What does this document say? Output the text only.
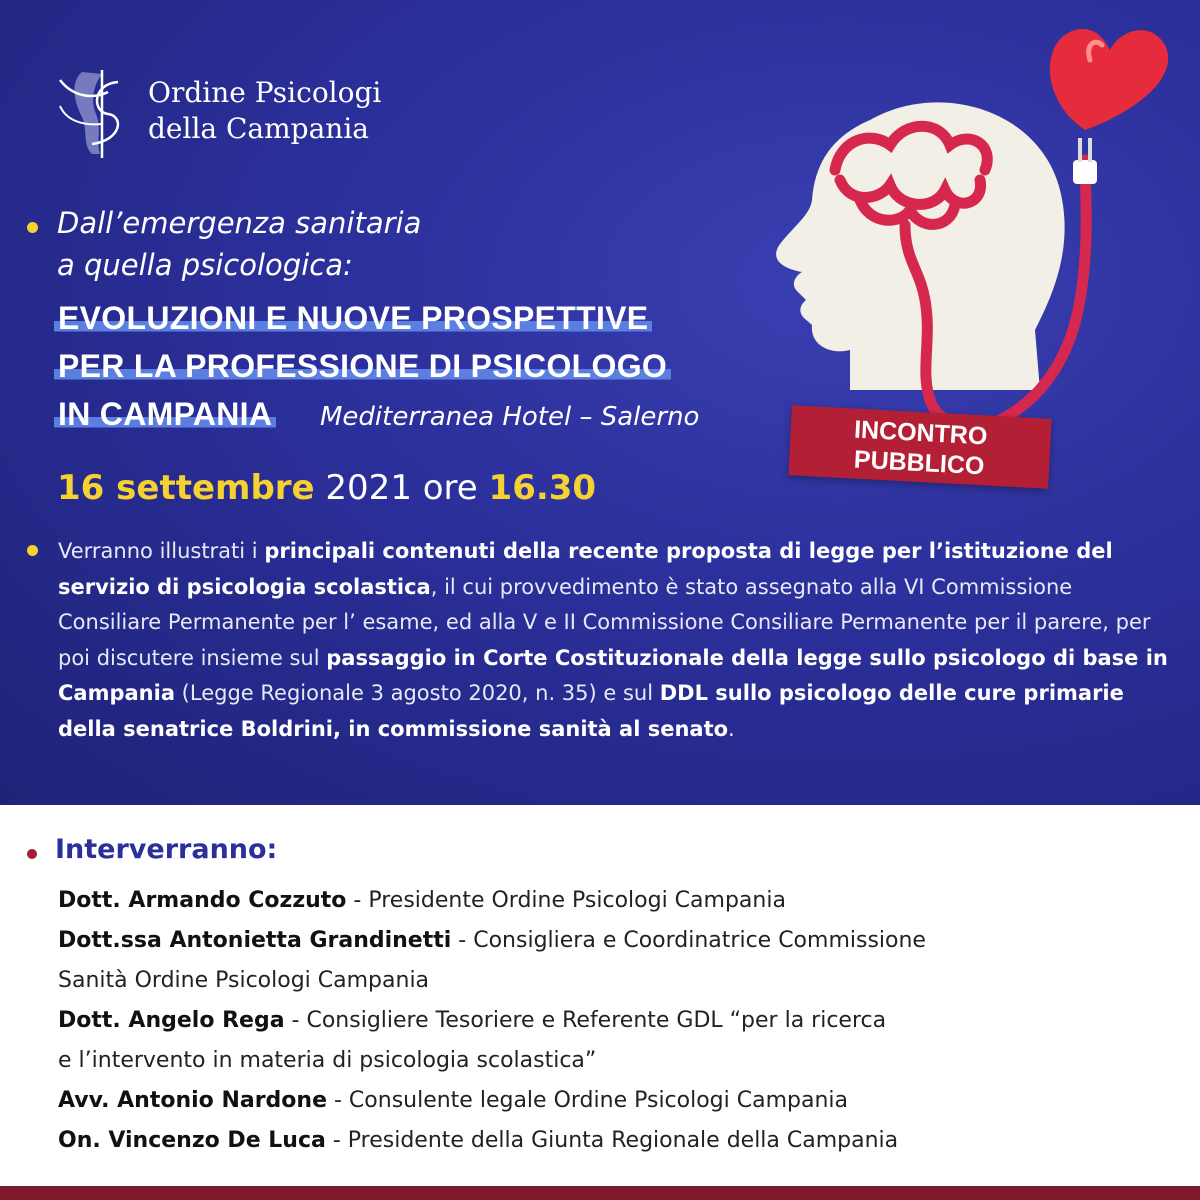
Ordine Psicologi
della Campania
INCONTRO
PUBBLICO
Dall’emergenza sanitaria
a quella psicologica:
EVOLUZIONI E NUOVE PROSPETTIVE
PER LA PROFESSIONE DI PSICOLOGO
IN CAMPANIA Mediterranea Hotel – Salerno
16 settembre 2021 ore 16.30
Verranno illustrati i principali contenuti della recente proposta di legge per l’istituzione del servizio di psicologia scolastica, il cui provvedimento è stato assegnato alla VI Commissione Consiliare Permanente per l’ esame, ed alla V e II Commissione Consiliare Permanente per il parere, per poi discutere insieme sul passaggio in Corte Costituzionale della legge sullo psicologo di base in Campania (Legge Regionale 3 agosto 2020, n. 35) e sul DDL sullo psicologo delle cure primarie della senatrice Boldrini, in commissione sanità al senato.
Interverranno:
Dott. Armando Cozzuto - Presidente Ordine Psicologi Campania
Dott.ssa Antonietta Grandinetti - Consigliera e Coordinatrice Commissione
Sanità Ordine Psicologi Campania
Dott. Angelo Rega - Consigliere Tesoriere e Referente GDL “per la ricerca
e l’intervento in materia di psicologia scolastica”
Avv. Antonio Nardone - Consulente legale Ordine Psicologi Campania
On. Vincenzo De Luca - Presidente della Giunta Regionale della Campania
